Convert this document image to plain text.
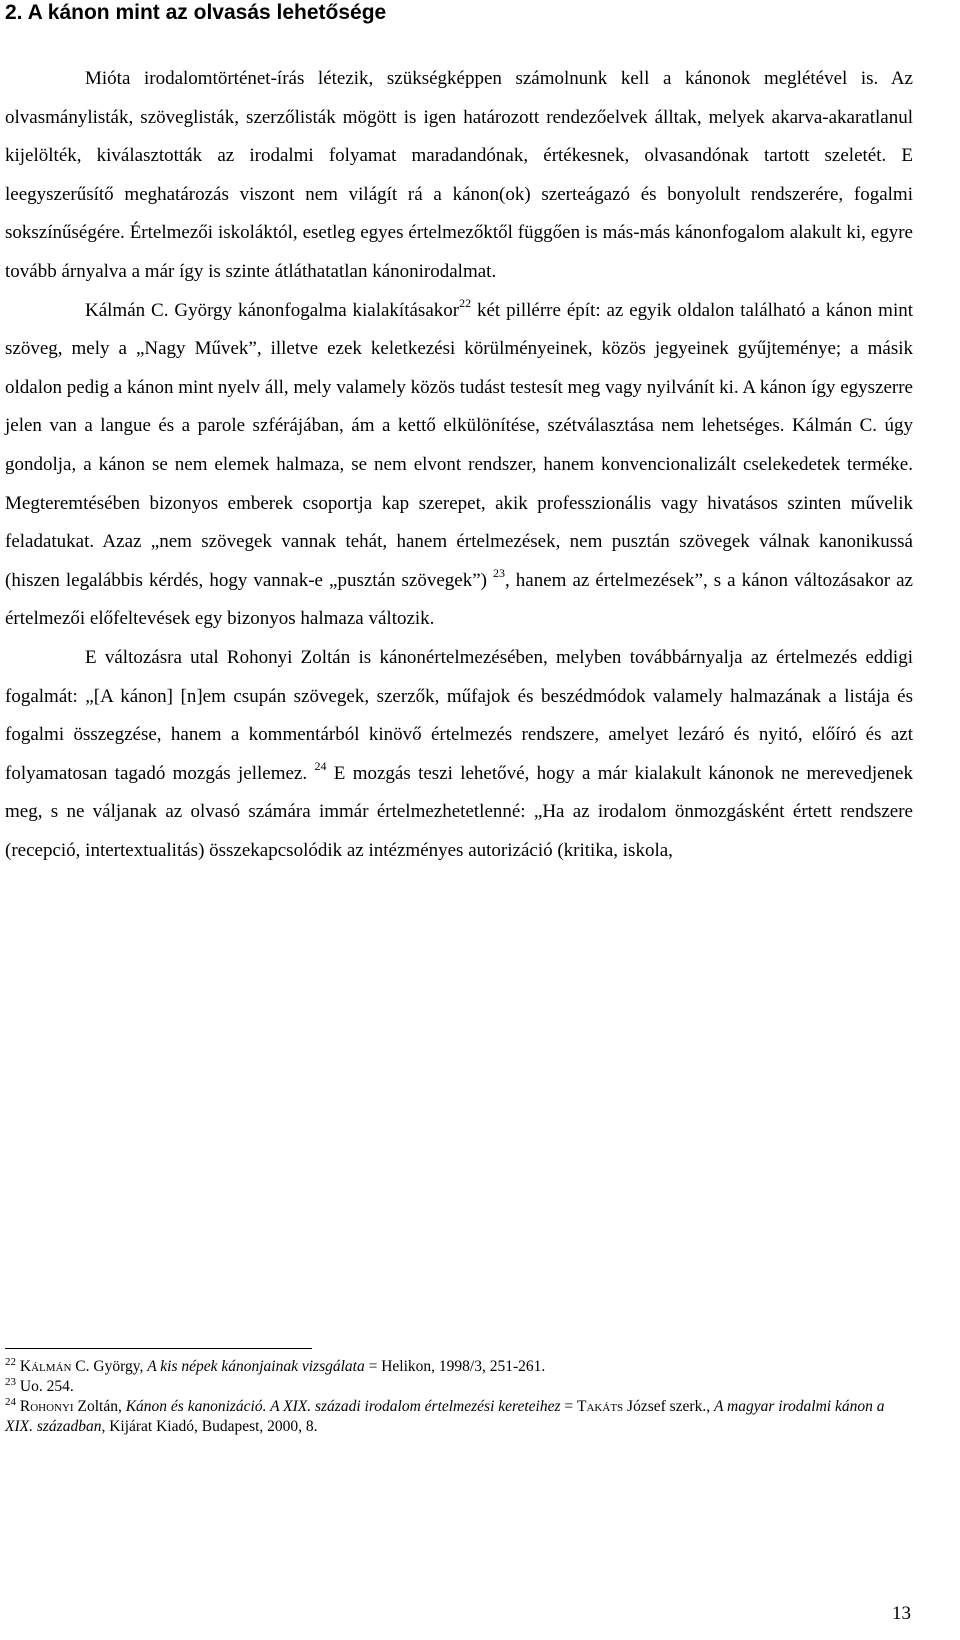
2. A kánon mint az olvasás lehetősége

Mióta irodalomtörténet-írás létezik, szükségképpen számolnunk kell a kánonok meglétével is. Az olvasmánylisták, szöveglisták, szerzőlisták mögött is igen határozott rendezőelvek álltak, melyek akarva-akaratlanul kijelölték, kiválasztották az irodalmi folyamat maradandónak, értékesnek, olvasandónak tartott szeletét. E leegyszerűsítő meghatározás viszont nem világít rá a kánon(ok) szerteágazó és bonyolult rendszerére, fogalmi sokszínűségére. Értelmezői iskoláktól, esetleg egyes értelmezőktől függően is más-más kánonfogalom alakult ki, egyre tovább árnyalva a már így is szinte átláthatatlan kánonirodalmat.

Kálmán C. György kánonfogalma kialakításakor$^{22}$ két pillérre épít: az egyik oldalon található a kánon mint szöveg, mely a „Nagy Művek”, illetve ezek keletkezési körülményeinek, közös jegyeinek gyűjteménye; a másik oldalon pedig a kánon mint nyelv áll, mely valamely közös tudást testesít meg vagy nyilvánít ki. A kánon így egyszerre jelen van a langue és a parole szférájában, ám a kettő elkülönítése, szétválasztása nem lehetséges. Kálmán C. úgy gondolja, a kánon se nem elemek halmaza, se nem elvont rendszer, hanem konvencionalizált cselekedetek terméke. Megteremtésében bizonyos emberek csoportja kap szerepet, akik professzionális vagy hivatásos szinten művelik feladatukat. Azaz „nem szövegek vannak tehát, hanem értelmezések, nem pusztán szövegek válnak kanonikussá (hiszen legalábbis kérdés, hogy vannak-e „pusztán szövegek”) $^{23}$, hanem az értelmezések”, s a kánon változásakor az értelmezői előfeltevések egy bizonyos halmaza változik.

E változásra utal Rohonyi Zoltán is kánonértelmezésében, melyben továbbárnyalja az értelmezés eddigi fogalmát: „[A kánon] [n]em csupán szövegek, szerzők, műfajok és beszédmódok valamely halmazának a listája és fogalmi összegzése, hanem a kommentárból kinövő értelmezés rendszere, amelyet lezáró és nyitó, előíró és azt folyamatosan tagadó mozgás jellemez. $^{24}$ E mozgás teszi lehetővé, hogy a már kialakult kánonok ne merevedjenek meg, s ne váljanak az olvasó számára immár értelmezhetetlenné: „Ha az irodalom önmozgásként értett rendszere (recepció, intertextualitás) összekapcsolódik az intézményes autorizáció (kritika, iskola,

$^{22}$ Kálmán C. György, A kis népek kánonjainak vizsgálata = Helikon, 1998/3, 251-261.

$^{23}$ Uo. 254.

$^{24}$ Rohonyi Zoltán, Kánon és kanonizáció. A XIX. századi irodalom értelmezési kereteihez = Takáts József szerk., A magyar irodalmi kánon a XIX. században, Kijárat Kiadó, Budapest, 2000, 8.

13
